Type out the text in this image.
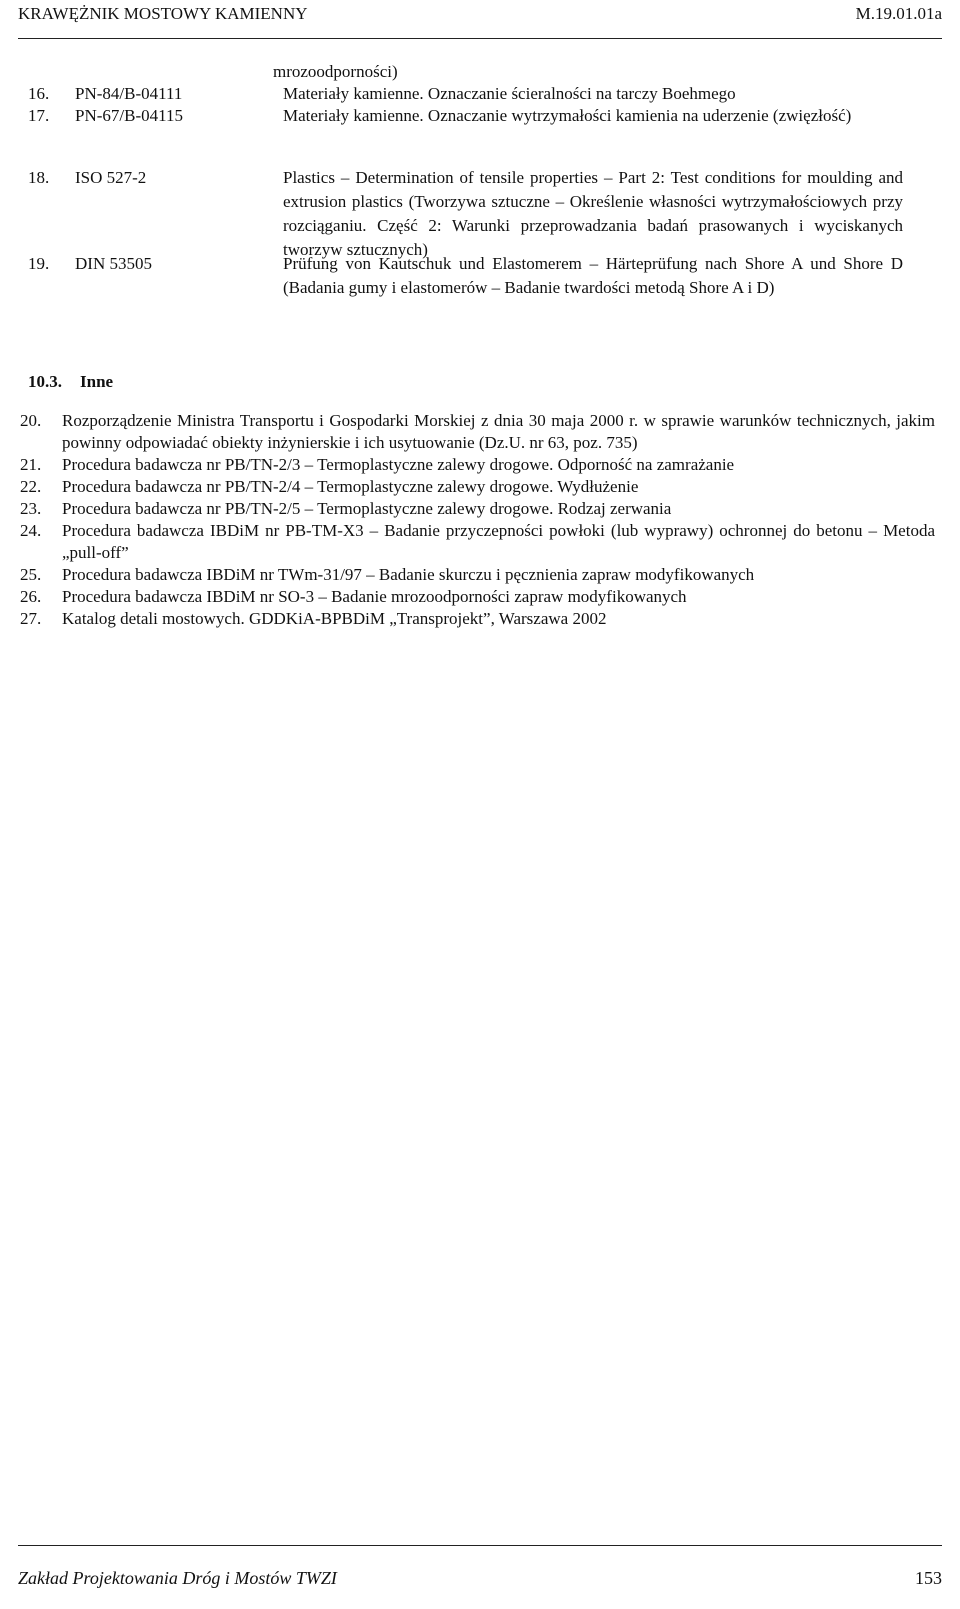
KRAWĘŻNIK MOSTOWY KAMIENNY	M.19.01.01a
mrozoodporności)
16. PN-84/B-04111	Materiały kamienne. Oznaczanie ścieralności na tarczy Boehmego
17. PN-67/B-04115	Materiały kamienne. Oznaczanie wytrzymałości kamienia na uderzenie (zwięzłość)
18. ISO 527-2	Plastics – Determination of tensile properties – Part 2: Test conditions for moulding and extrusion plastics (Tworzywa sztuczne – Określenie własności wytrzymałościowych przy rozciąganiu. Część 2: Warunki przeprowadzania badań prasowanych i wyciskanych tworzyw sztucznych)
19. DIN 53505	Prüfung von Kautschuk und Elastomerem – Härteprüfung nach Shore A und Shore D (Badania gumy i elastomerów – Badanie twardości metodą Shore A i D)
10.3. Inne
20. Rozporządzenie Ministra Transportu i Gospodarki Morskiej z dnia 30 maja 2000 r. w sprawie warunków technicznych, jakim powinny odpowiadać obiekty inżynierskie i ich usytuowanie (Dz.U. nr 63, poz. 735)
21. Procedura badawcza nr PB/TN-2/3 – Termoplastyczne zalewy drogowe. Odporność na zamrażanie
22. Procedura badawcza nr PB/TN-2/4 – Termoplastyczne zalewy drogowe. Wydłużenie
23. Procedura badawcza nr PB/TN-2/5 – Termoplastyczne zalewy drogowe. Rodzaj zerwania
24. Procedura badawcza IBDiM nr PB-TM-X3 – Badanie przyczepności powłoki (lub wyprawy) ochronnej do betonu – Metoda „pull-off”
25. Procedura badawcza IBDiM nr TWm-31/97 – Badanie skurczu i pęcznienia zapraw modyfikowanych
26. Procedura badawcza IBDiM nr SO-3 – Badanie mrozoodporności zapraw modyfikowanych
27. Katalog detali mostowych. GDDKiA-BPBDiM „Transprojekt”, Warszawa 2002
Zakład Projektowania Dróg i Mostów TWZI	153
